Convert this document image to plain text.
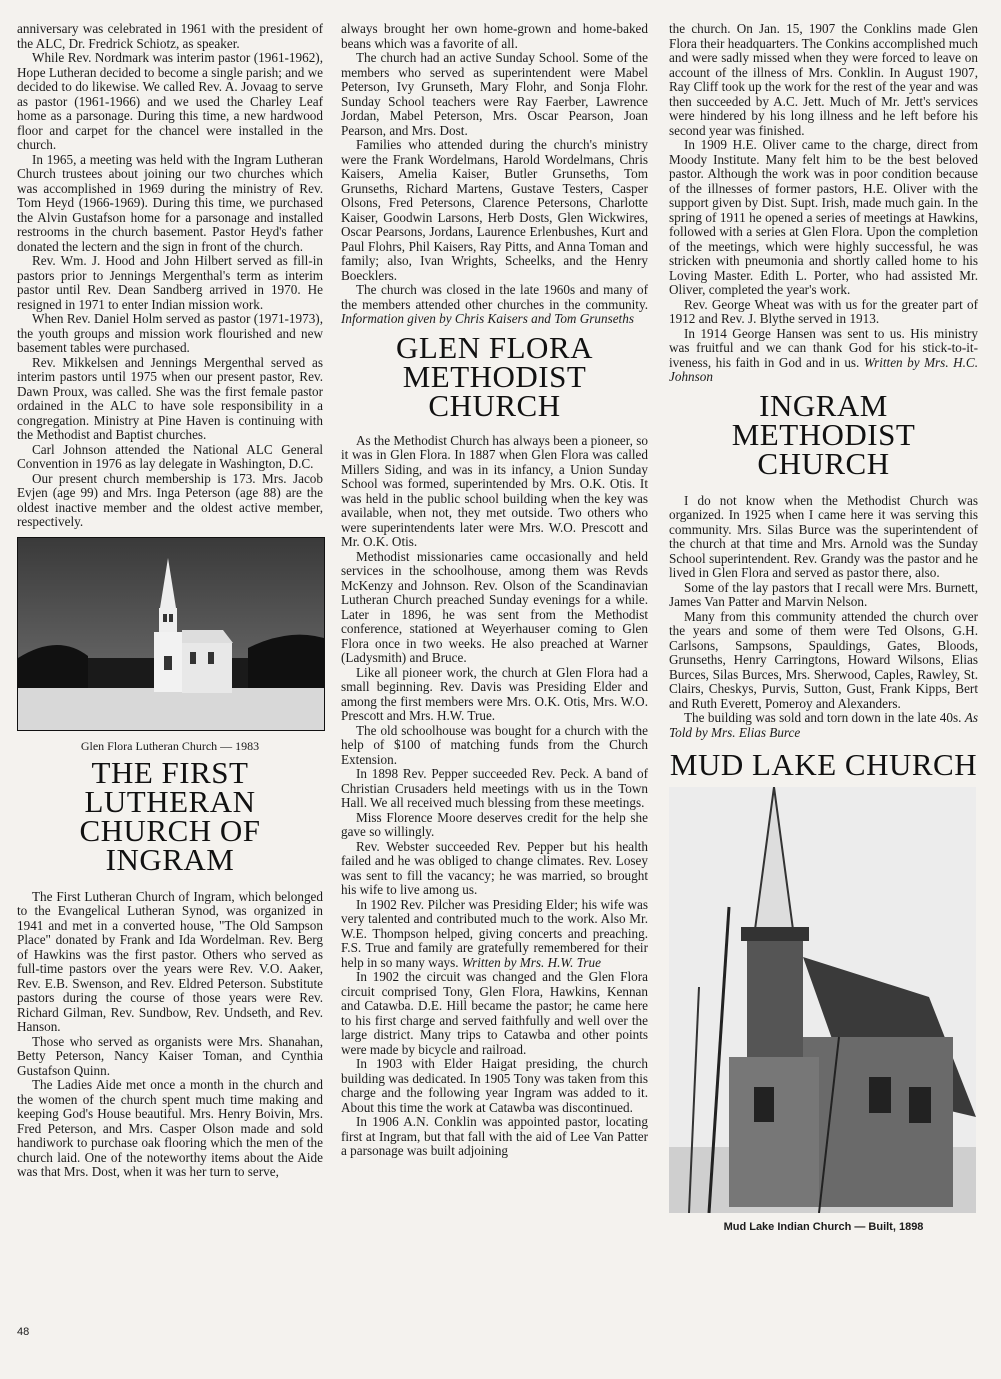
anniversary was celebrated in 1961 with the president of the ALC, Dr. Fredrick Schiotz, as speaker.

While Rev. Nordmark was interim pastor (1961-1962), Hope Lutheran decided to become a single parish; and we decided to do likewise. We called Rev. A. Jovaag to serve as pastor (1961-1966) and we used the Charley Leaf home as a parsonage. During this time, a new hardwood floor and carpet for the chancel were installed in the church.

In 1965, a meeting was held with the Ingram Lutheran Church trustees about joining our two churches which was accomplished in 1969 during the ministry of Rev. Tom Heyd (1966-1969). During this time, we purchased the Alvin Gustafson home for a parsonage and installed restrooms in the church basement. Pastor Heyd's father donated the lectern and the sign in front of the church.

Rev. Wm. J. Hood and John Hilbert served as fill-in pastors prior to Jennings Mergenthal's term as interim pastor until Rev. Dean Sandberg arrived in 1970. He resigned in 1971 to enter Indian mission work.

When Rev. Daniel Holm served as pastor (1971-1973), the youth groups and mission work flourished and new basement tables were purchased.

Rev. Mikkelsen and Jennings Mergenthal served as interim pastors until 1975 when our present pastor, Rev. Dawn Proux, was called. She was the first female pastor ordained in the ALC to have sole responsibility in a congregation. Ministry at Pine Haven is continuing with the Methodist and Baptist churches.

Carl Johnson attended the National ALC General Convention in 1976 as lay delegate in Washington, D.C.

Our present church membership is 173. Mrs. Jacob Evjen (age 99) and Mrs. Inga Peterson (age 88) are the oldest inactive member and the oldest active member, respectively.

Glen Flora Lutheran Church — 1983
THE FIRST LUTHERAN CHURCH OF INGRAM

The First Lutheran Church of Ingram, which belonged to the Evangelical Lutheran Synod, was organized in 1941 and met in a converted house, "The Old Sampson Place" donated by Frank and Ida Wordelman. Rev. Berg of Hawkins was the first pastor. Others who served as full-time pastors over the years were Rev. V.O. Aaker, Rev. E.B. Swenson, and Rev. Eldred Peterson. Substitute pastors during the course of those years were Rev. Richard Gilman, Rev. Sundbow, Rev. Undseth, and Rev. Hanson.

Those who served as organists were Mrs. Shanahan, Betty Peterson, Nancy Kaiser Toman, and Cynthia Gustafson Quinn.

The Ladies Aide met once a month in the church and the women of the church spent much time making and keeping God's House beautiful. Mrs. Henry Boivin, Mrs. Fred Peterson, and Mrs. Casper Olson made and sold handiwork to purchase oak flooring which the men of the church laid. One of the noteworthy items about the Aide was that Mrs. Dost, when it was her turn to serve,

always brought her own home-grown and home-baked beans which was a favorite of all.

The church had an active Sunday School. Some of the members who served as superintendent were Mabel Peterson, Ivy Grunseth, Mary Flohr, and Sonja Flohr. Sunday School teachers were Ray Faerber, Lawrence Jordan, Mabel Peterson, Mrs. Oscar Pearson, Joan Pearson, and Mrs. Dost.

Families who attended during the church's ministry were the Frank Wordelmans, Harold Wordelmans, Chris Kaisers, Amelia Kaiser, Butler Grunseths, Tom Grunseths, Richard Martens, Gustave Testers, Casper Olsons, Fred Petersons, Clarence Petersons, Charlotte Kaiser, Goodwin Larsons, Herb Dosts, Glen Wickwires, Oscar Pearsons, Jordans, Laurence Erlenbushes, Kurt and Paul Flohrs, Phil Kaisers, Ray Pitts, and Anna Toman and family; also, Ivan Wrights, Scheelks, and the Henry Boecklers.

The church was closed in the late 1960s and many of the members attended other churches in the community. Information given by Chris Kaisers and Tom Grunseths

GLEN FLORA METHODIST CHURCH

As the Methodist Church has always been a pioneer, so it was in Glen Flora. In 1887 when Glen Flora was called Millers Siding, and was in its infancy, a Union Sunday School was formed, superintended by Mrs. O.K. Otis. It was held in the public school building when the key was available, when not, they met outside. Two others who were superintendents later were Mrs. W.O. Prescott and Mr. O.K. Otis.

Methodist missionaries came occasionally and held services in the schoolhouse, among them was Revds McKenzy and Johnson. Rev. Olson of the Scandinavian Lutheran Church preached Sunday evenings for a while. Later in 1896, he was sent from the Methodist conference, stationed at Weyerhauser coming to Glen Flora once in two weeks. He also preached at Warner (Ladysmith) and Bruce.

Like all pioneer work, the church at Glen Flora had a small beginning. Rev. Davis was Presiding Elder and among the first members were Mrs. O.K. Otis, Mrs. W.O. Prescott and Mrs. H.W. True.

The old schoolhouse was bought for a church with the help of $100 of matching funds from the Church Extension.

In 1898 Rev. Pepper succeeded Rev. Peck. A band of Christian Crusaders held meetings with us in the Town Hall. We all received much blessing from these meetings.

Miss Florence Moore deserves credit for the help she gave so willingly.

Rev. Webster succeeded Rev. Pepper but his health failed and he was obliged to change climates. Rev. Losey was sent to fill the vacancy; he was married, so brought his wife to live among us.

In 1902 Rev. Pilcher was Presiding Elder; his wife was very talented and contributed much to the work. Also Mr. W.E. Thompson helped, giving concerts and preaching. F.S. True and family are gratefully remembered for their help in so many ways. Written by Mrs. H.W. True

In 1902 the circuit was changed and the Glen Flora circuit comprised Tony, Glen Flora, Hawkins, Kennan and Catawba. D.E. Hill became the pastor; he came here to his first charge and served faithfully and well over the large district. Many trips to Catawba and other points were made by bicycle and railroad.

In 1903 with Elder Haigat presiding, the church building was dedicated. In 1905 Tony was taken from this charge and the following year Ingram was added to it. About this time the work at Catawba was discontinued.

In 1906 A.N. Conklin was appointed pastor, locating first at Ingram, but that fall with the aid of Lee Van Patter a parsonage was built adjoining

the church. On Jan. 15, 1907 the Conklins made Glen Flora their headquarters. The Conkins accomplished much and were sadly missed when they were forced to leave on account of the illness of Mrs. Conklin. In August 1907, Ray Cliff took up the work for the rest of the year and was then succeeded by A.C. Jett. Much of Mr. Jett's services were hindered by his long illness and he left before his second year was finished.

In 1909 H.E. Oliver came to the charge, direct from Moody Institute. Many felt him to be the best beloved pastor. Although the work was in poor condition because of the illnesses of former pastors, H.E. Oliver with the support given by Dist. Supt. Irish, made much gain. In the spring of 1911 he opened a series of meetings at Hawkins, followed with a series at Glen Flora. Upon the completion of the meetings, which were highly successful, he was stricken with pneumonia and shortly called home to his Loving Master. Edith L. Porter, who had assisted Mr. Oliver, completed the year's work.

Rev. George Wheat was with us for the greater part of 1912 and Rev. J. Blythe served in 1913.

In 1914 George Hansen was sent to us. His ministry was fruitful and we can thank God for his stick-to-it-iveness, his faith in God and in us. Written by Mrs. H.C. Johnson

INGRAM METHODIST CHURCH

I do not know when the Methodist Church was organized. In 1925 when I came here it was serving this community. Mrs. Silas Burce was the superintendent of the church at that time and Mrs. Arnold was the Sunday School superintendent. Rev. Grandy was the pastor and he lived in Glen Flora and served as pastor there, also.

Some of the lay pastors that I recall were Mrs. Burnett, James Van Patter and Marvin Nelson.

Many from this community attended the church over the years and some of them were Ted Olsons, G.H. Carlsons, Sampsons, Spauldings, Gates, Bloods, Grunseths, Henry Carringtons, Howard Wilsons, Elias Burces, Silas Burces, Mrs. Sherwood, Caples, Rawley, St. Clairs, Cheskys, Purvis, Sutton, Gust, Frank Kipps, Bert and Ruth Everett, Pomeroy and Alexanders.

The building was sold and torn down in the late 40s. As Told by Mrs. Elias Burce

MUD LAKE CHURCH
Mud Lake Indian Church — Built, 1898
48
